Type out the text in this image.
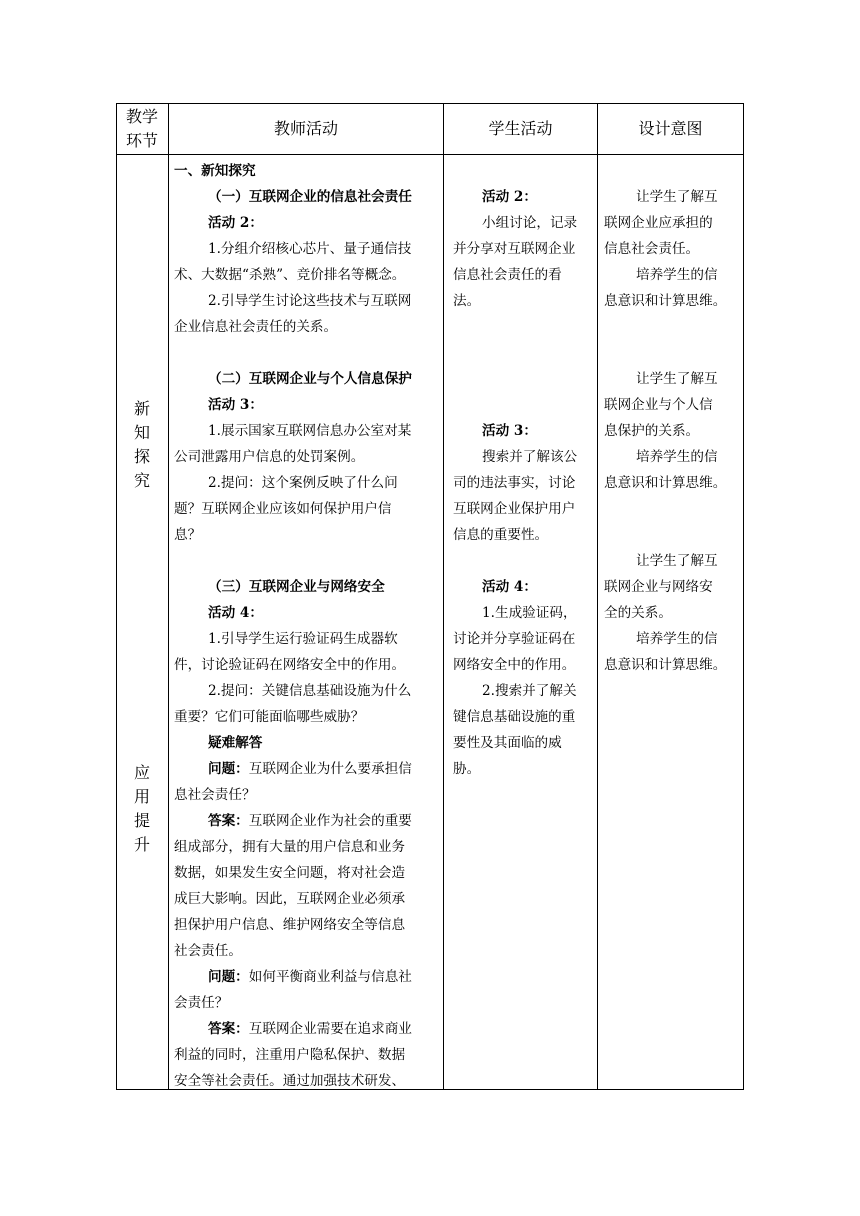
教学环节
教师活动	学生活动	设计意图
新知探究
应用提升
一、新知探究
（一）互联网企业的信息社会责任
活动 2：
1.分组介绍核心芯片、量子通信技
术、大数据“杀熟”、竞价排名等概念。
2.引导学生讨论这些技术与互联网
企业信息社会责任的关系。
（二）互联网企业与个人信息保护
活动 3：
1.展示国家互联网信息办公室对某
公司泄露用户信息的处罚案例。
2.提问：这个案例反映了什么问
题？互联网企业应该如何保护用户信
息？
（三）互联网企业与网络安全
活动 4：
1.引导学生运行验证码生成器软
件，讨论验证码在网络安全中的作用。
2.提问：关键信息基础设施为什么
重要？它们可能面临哪些威胁？
疑难解答
问题：互联网企业为什么要承担信
息社会责任？
答案：互联网企业作为社会的重要
组成部分，拥有大量的用户信息和业务
数据，如果发生安全问题，将对社会造
成巨大影响。因此，互联网企业必须承
担保护用户信息、维护网络安全等信息
社会责任。
问题：如何平衡商业利益与信息社
会责任？
答案：互联网企业需要在追求商业
利益的同时，注重用户隐私保护、数据
安全等社会责任。通过加强技术研发、
活动 2：
小组讨论，记录
并分享对互联网企业
信息社会责任的看
法。
活动 3：
搜索并了解该公
司的违法事实，讨论
互联网企业保护用户
信息的重要性。
活动 4：
1.生成验证码，
讨论并分享验证码在
网络安全中的作用。
2.搜索并了解关
键信息基础设施的重
要性及其面临的威
胁。
让学生了解互
联网企业应承担的
信息社会责任。
培养学生的信
息意识和计算思维。
让学生了解互
联网企业与个人信
息保护的关系。
培养学生的信
息意识和计算思维。
让学生了解互
联网企业与网络安
全的关系。
培养学生的信
息意识和计算思维。
